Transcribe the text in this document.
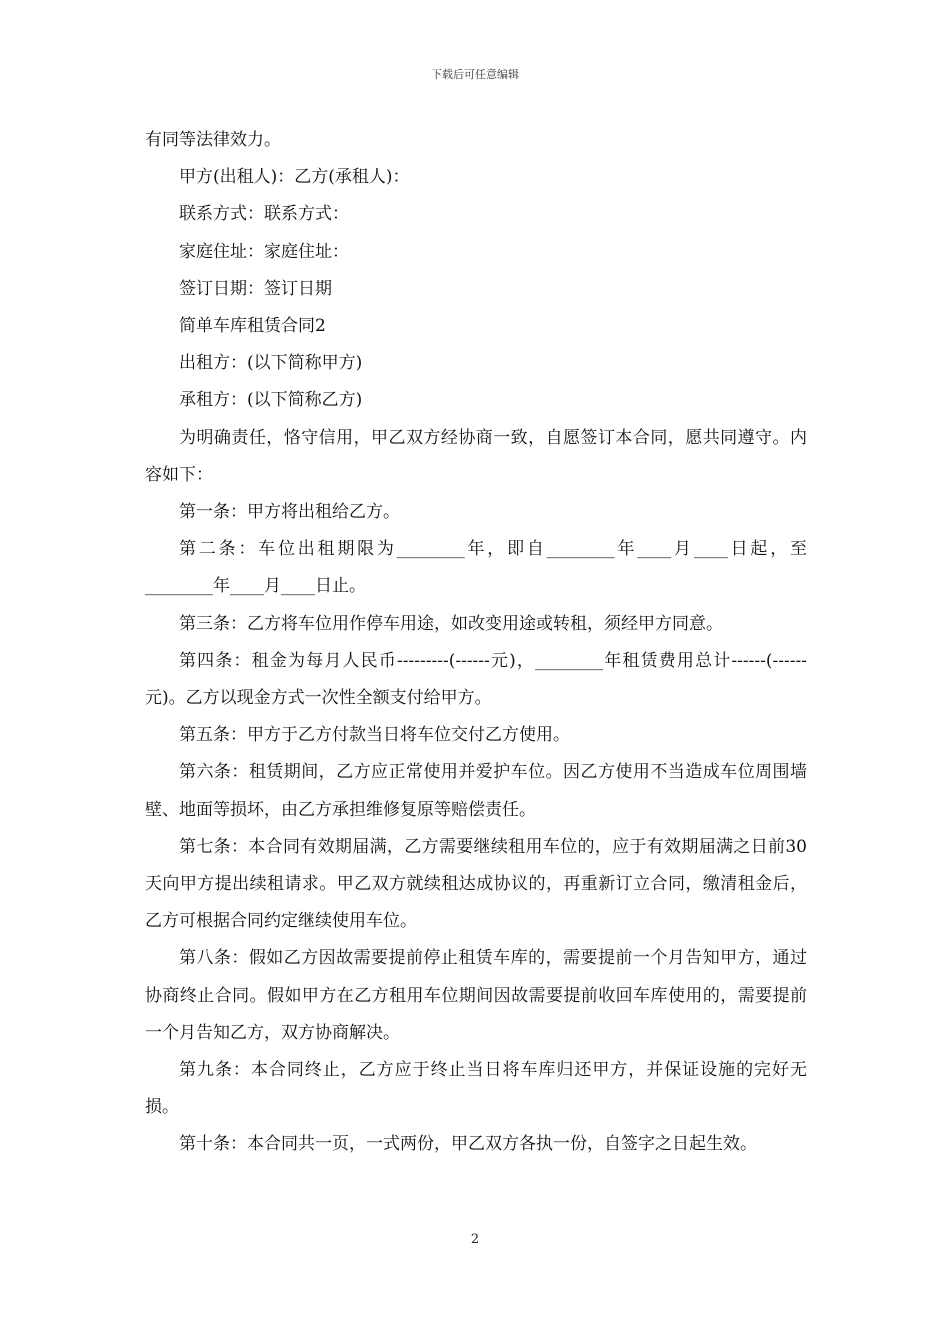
下载后可任意编辑

有同等法律效力。

甲方(出租人)：乙方(承租人)：

联系方式：联系方式：

家庭住址：家庭住址：

签订日期：签订日期

简单车库租赁合同2

出租方：(以下简称甲方)

承租方：(以下简称乙方)

为明确责任，恪守信用，甲乙双方经协商一致，自愿签订本合同，愿共同遵守。内容如下：

第一条：甲方将出租给乙方。

第二条：车位出租期限为________年，即自________年____月____日起，至________年____月____日止。

第三条：乙方将车位用作停车用途，如改变用途或转租，须经甲方同意。

第四条：租金为每月人民币---------(------元)，________年租赁费用总计------(------元)。乙方以现金方式一次性全额支付给甲方。

第五条：甲方于乙方付款当日将车位交付乙方使用。

第六条：租赁期间，乙方应正常使用并爱护车位。因乙方使用不当造成车位周围墙壁、地面等损坏，由乙方承担维修复原等赔偿责任。

第七条：本合同有效期届满，乙方需要继续租用车位的，应于有效期届满之日前30天向甲方提出续租请求。甲乙双方就续租达成协议的，再重新订立合同，缴清租金后，乙方可根据合同约定继续使用车位。

第八条：假如乙方因故需要提前停止租赁车库的，需要提前一个月告知甲方，通过协商终止合同。假如甲方在乙方租用车位期间因故需要提前收回车库使用的，需要提前一个月告知乙方，双方协商解决。

第九条：本合同终止，乙方应于终止当日将车库归还甲方，并保证设施的完好无损。

第十条：本合同共一页，一式两份，甲乙双方各执一份，自签字之日起生效。

2
